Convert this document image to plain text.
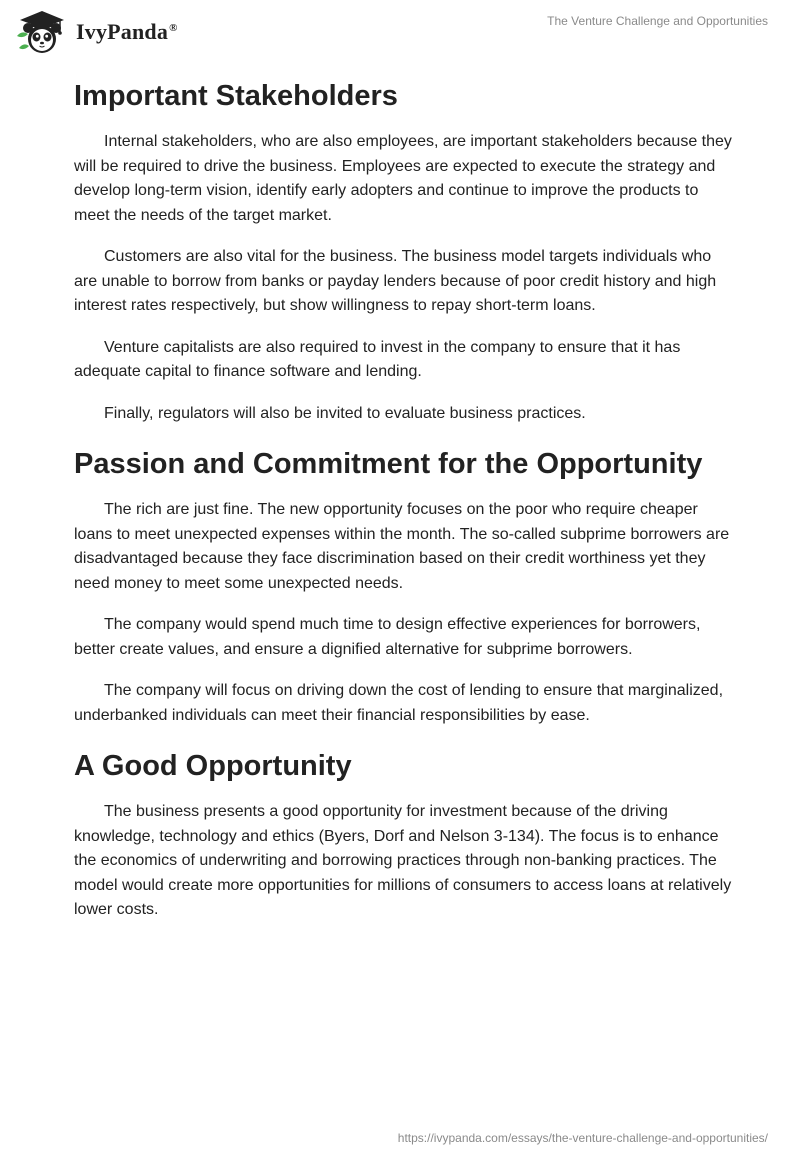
IvyPanda®	The Venture Challenge and Opportunities
Important Stakeholders

Internal stakeholders, who are also employees, are important stakeholders because they will be required to drive the business. Employees are expected to execute the strategy and develop long-term vision, identify early adopters and continue to improve the products to meet the needs of the target market.

Customers are also vital for the business. The business model targets individuals who are unable to borrow from banks or payday lenders because of poor credit history and high interest rates respectively, but show willingness to repay short-term loans.

Venture capitalists are also required to invest in the company to ensure that it has adequate capital to finance software and lending.

Finally, regulators will also be invited to evaluate business practices.

Passion and Commitment for the Opportunity

The rich are just fine. The new opportunity focuses on the poor who require cheaper loans to meet unexpected expenses within the month. The so-called subprime borrowers are disadvantaged because they face discrimination based on their credit worthiness yet they need money to meet some unexpected needs.

The company would spend much time to design effective experiences for borrowers, better create values, and ensure a dignified alternative for subprime borrowers.

The company will focus on driving down the cost of lending to ensure that marginalized, underbanked individuals can meet their financial responsibilities by ease.

A Good Opportunity

The business presents a good opportunity for investment because of the driving knowledge, technology and ethics (Byers, Dorf and Nelson 3-134). The focus is to enhance the economics of underwriting and borrowing practices through non-banking practices. The model would create more opportunities for millions of consumers to access loans at relatively lower costs.

https://ivypanda.com/essays/the-venture-challenge-and-opportunities/
